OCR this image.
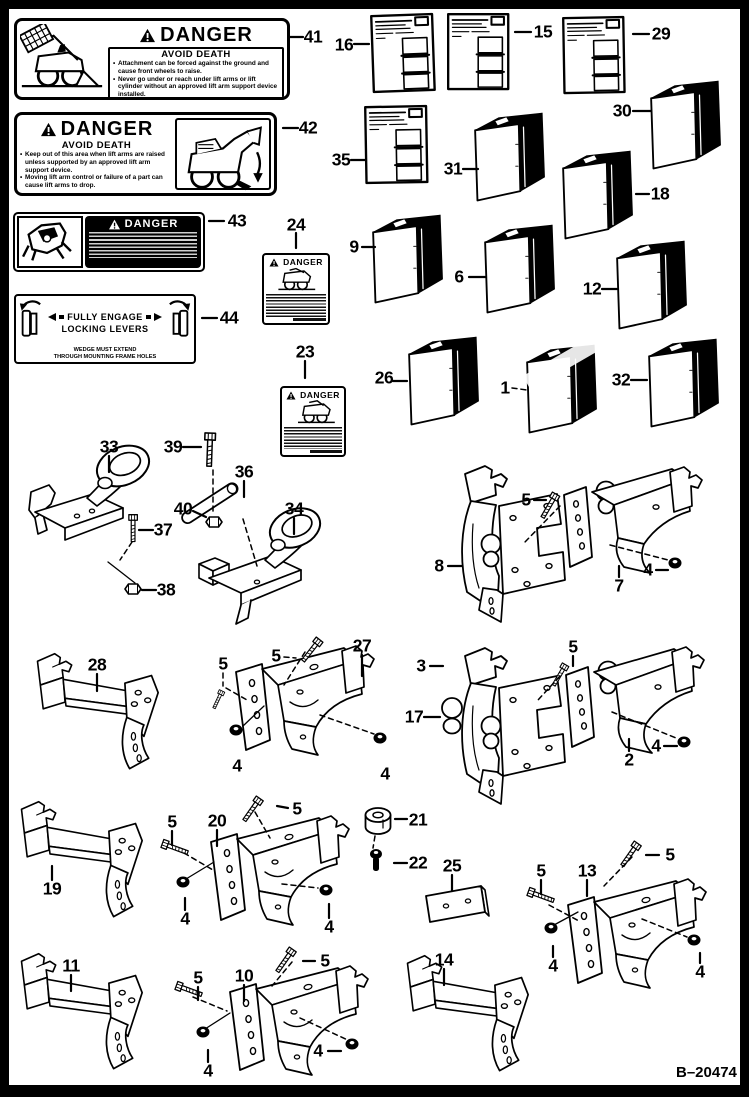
DANGER
AVOID DEATH
• Attachment can be forced against the ground and cause front wheels to raise.
• Never go under or reach under lift arms or lift cylinder without an approved lift arm support device installed.
DANGER
AVOID DEATH
• Keep out of this area when lift arms are raised unless supported by an approved lift arm support device.
• Moving lift arm control or failure of a part can cause lift arms to drop.
DANGER
FULLY ENGAGE
LOCKING LEVERS
WEDGE MUST EXTEND
THROUGH MOUNTING FRAME HOLES
DANGER
DANGER
41
42
43
44
16
15	29
35	31
30
18
9
6
12
24
23
26	1	32
33	39
36
40
37
38
34	5
8
7
4
28	5	5	27
4	4
3
17
5
2
4
19
5 20
5
21
22 25
4	4
5 13
5
4	4
11
5 10
5
4
4
14
B–20474
